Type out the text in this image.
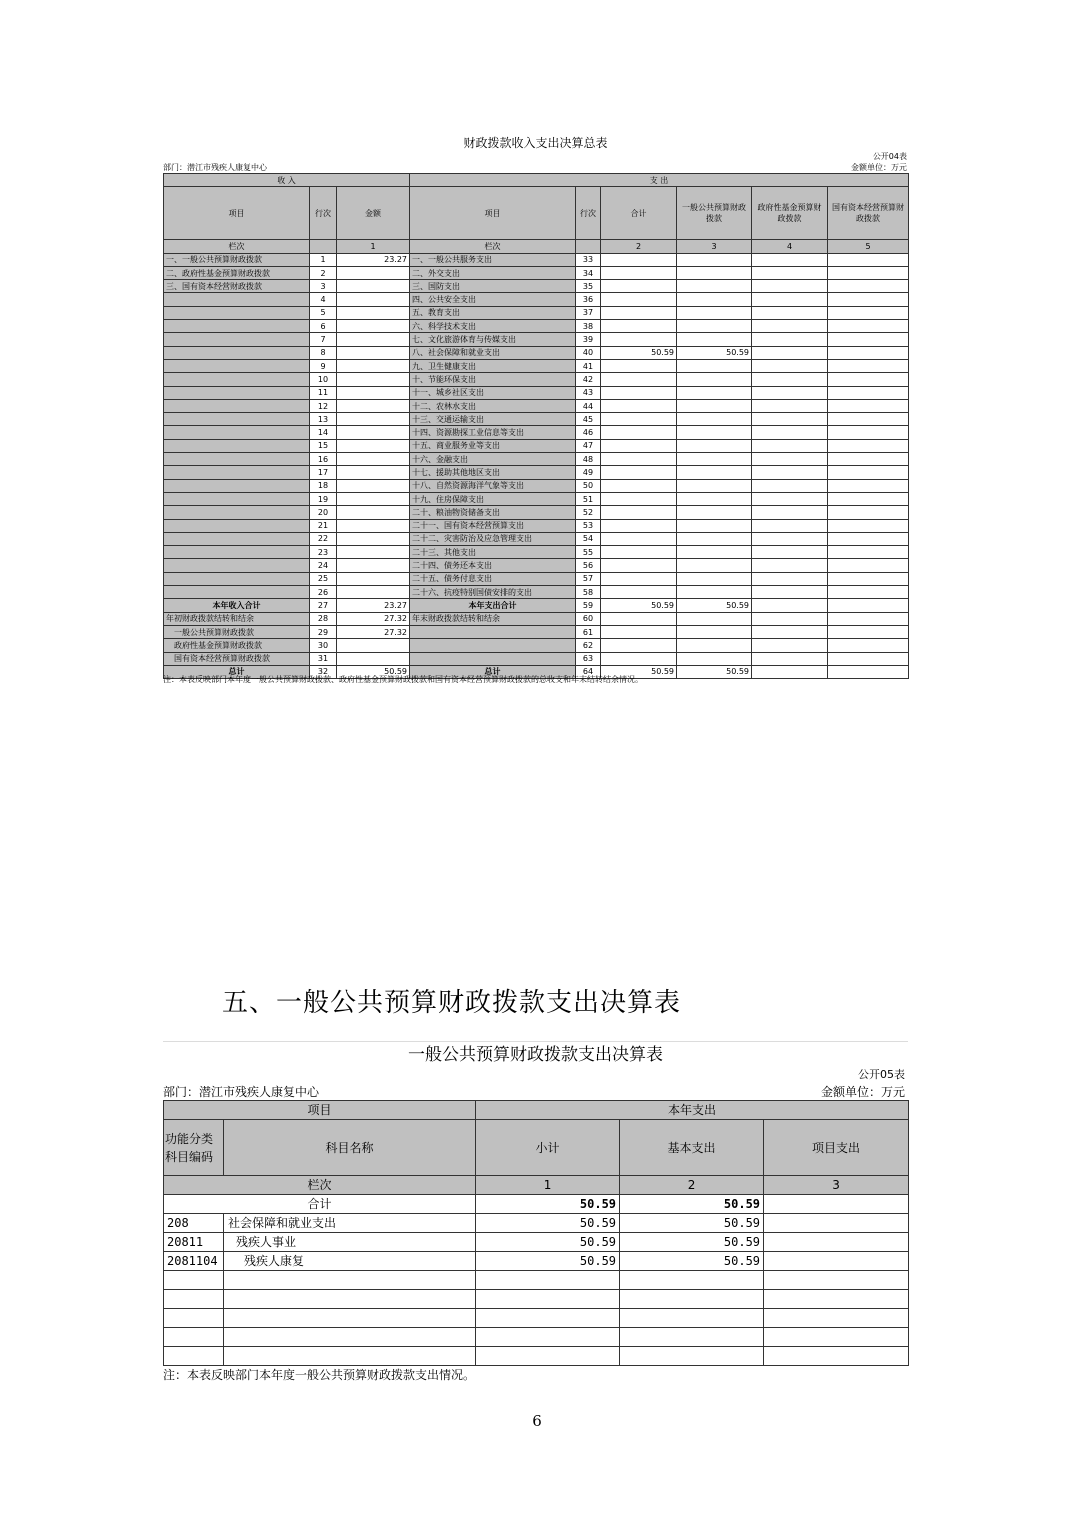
财政拨款收入支出决算总表
公开04表
部门：潜江市残疾人康复中心	金额单位：万元
收 入			支 出					
项目	行次	金额	项目	行次	合计	一般公共预算财政拨款	政府性基金预算财政拨款	国有资本经营预算财政拨款
栏次		1	栏次		2	3	4	5
一、一般公共预算财政拨款	1	23.27	一、一般公共服务支出	33				
二、政府性基金预算财政拨款	2		二、外交支出	34				
三、国有资本经营财政拨款	3		三、国防支出	35				
	4		四、公共安全支出	36				
	5		五、教育支出	37				
	6		六、科学技术支出	38				
	7		七、文化旅游体育与传媒支出	39				
	8		八、社会保障和就业支出	40	50.59	50.59		
	9		九、卫生健康支出	41				
	10		十、节能环保支出	42				
	11		十一、城乡社区支出	43				
	12		十二、农林水支出	44				
	13		十三、交通运输支出	45				
	14		十四、资源勘探工业信息等支出	46				
	15		十五、商业服务业等支出	47				
	16		十六、金融支出	48				
	17		十七、援助其他地区支出	49				
	18		十八、自然资源海洋气象等支出	50				
	19		十九、住房保障支出	51				
	20		二十、粮油物资储备支出	52				
	21		二十一、国有资本经营预算支出	53				
	22		二十二、灾害防治及应急管理支出	54				
	23		二十三、其他支出	55				
	24		二十四、债务还本支出	56				
	25		二十五、债务付息支出	57				
	26		二十六、抗疫特别国债安排的支出	58				
本年收入合计	27	23.27	本年支出合计	59	50.59	50.59		
年初财政拨款结转和结余	28	27.32	年末财政拨款结转和结余	60				
一般公共预算财政拨款	29	27.32		61				
政府性基金预算财政拨款	30			62				
国有资本经营预算财政拨款	31			63				
总计	32	50.59	总计	64	50.59	50.59		
注：本表反映部门本年度一般公共预算财政拨款、政府性基金预算财政拨款和国有资本经营预算财政拨款的总收支和年末结转结余情况。
五、一般公共预算财政拨款支出决算表
一般公共预算财政拨款支出决算表
公开05表
部门：潜江市残疾人康复中心	金额单位：万元
项目		本年支出		
功能分类科目编码	科目名称	小计	基本支出	项目支出
栏次		1	2	3
合计		50.59	50.59	
208	社会保障和就业支出	50.59	50.59	
20811	残疾人事业	50.59	50.59	
2081104	残疾人康复	50.59	50.59	

注：本表反映部门本年度一般公共预算财政拨款支出情况。
6
